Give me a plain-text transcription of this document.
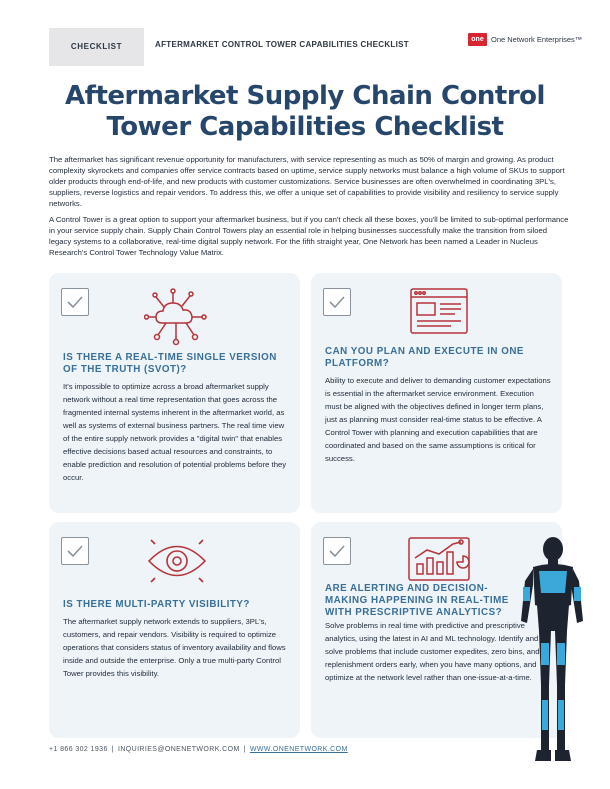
CHECKLIST	AFTERMARKET CONTROL TOWER CAPABILITIES CHECKLIST
one One Network Enterprises™
Aftermarket Supply Chain Control
Tower Capabilities Checklist

The aftermarket has significant revenue opportunity for manufacturers, with service representing as much as 50% of margin and growing. As product complexity skyrockets and companies offer service contracts based on uptime, service supply networks must balance a high volume of SKUs to support older products through end-of-life, and new products with customer customizations. Service businesses are often overwhelmed in coordinating 3PL's, suppliers, reverse logistics and repair vendors. To address this, we offer a unique set of capabilities to provide visibility and resiliency to service supply networks.

A Control Tower is a great option to support your aftermarket business, but if you can't check all these boxes, you'll be limited to sub-optimal performance in your service supply chain. Supply Chain Control Towers play an essential role in helping businesses successfully make the transition from siloed legacy systems to a collaborative, real-time digital supply network. For the fifth straight year, One Network has been named a Leader in Nucleus Research's Control Tower Technology Value Matrix.

IS THERE A REAL-TIME SINGLE VERSION OF THE TRUTH (SVOT)?
It's impossible to optimize across a broad aftermarket supply network without a real time representation that goes across the fragmented internal systems inherent in the aftermarket world, as well as systems of external business partners. The real time view of the entire supply network provides a "digital twin" that enables effective decisions based actual resources and constraints, to enable prediction and resolution of potential problems before they occur.
CAN YOU PLAN AND EXECUTE IN ONE PLATFORM?
Ability to execute and deliver to demanding customer expectations is essential in the aftermarket service environment. Execution must be aligned with the objectives defined in longer term plans, just as planning must consider real-time status to be effective. A Control Tower with planning and execution capabilities that are coordinated and based on the same assumptions is critical for success.
IS THERE MULTI-PARTY VISIBILITY?
The aftermarket supply network extends to suppliers, 3PL's, customers, and repair vendors. Visibility is required to optimize operations that considers status of inventory availability and flows inside and outside the enterprise. Only a true multi-party Control Tower provides this visibility.
ARE ALERTING AND DECISION-MAKING HAPPENING IN REAL-TIME WITH PRESCRIPTIVE ANALYTICS?
Solve problems in real time with predictive and prescriptive analytics, using the latest in AI and ML technology. Identify and solve problems that include customer expedites, zero bins, and replenishment orders early, when you have many options, and optimize at the network level rather than one-issue-at-a-time.
+1 866 302 1936 | INQUIRIES@ONENETWORK.COM | WWW.ONENETWORK.COM
